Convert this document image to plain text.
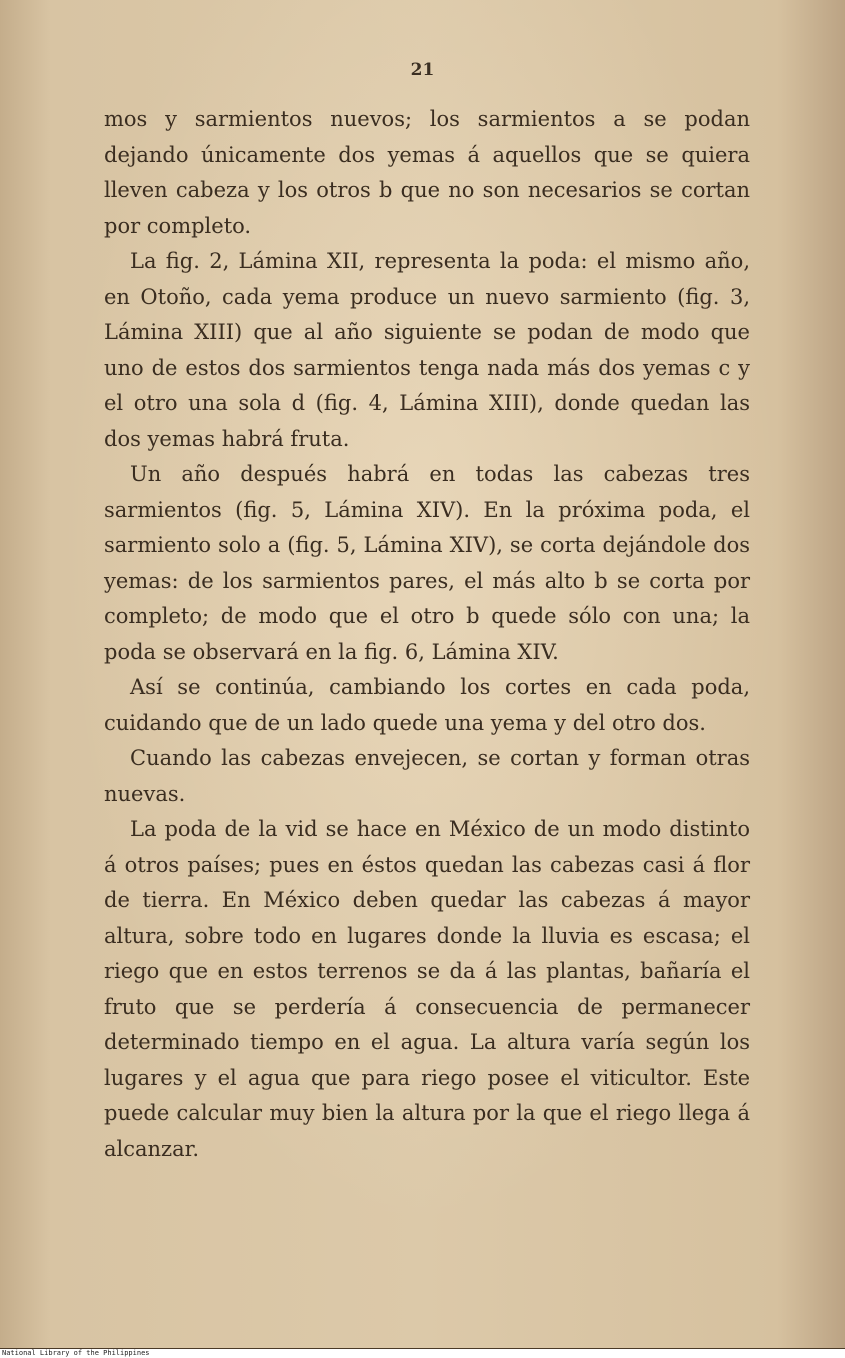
21

mos y sarmientos nuevos; los sarmientos a se podan dejando únicamente dos yemas á aquellos que se quiera lleven cabeza y los otros b que no son necesarios se cortan por completo.

La fig. 2, Lámina XII, representa la poda: el mismo año, en Otoño, cada yema produce un nuevo sarmiento (fig. 3, Lámina XIII) que al año siguiente se podan de modo que uno de estos dos sarmientos tenga nada más dos yemas c y el otro una sola d (fig. 4, Lámina XIII), donde quedan las dos yemas habrá fruta.

Un año después habrá en todas las cabezas tres sarmientos (fig. 5, Lámina XIV). En la próxima poda, el sarmiento solo a (fig. 5, Lámina XIV), se corta dejándole dos yemas: de los sarmientos pares, el más alto b se corta por completo; de modo que el otro b quede sólo con una; la poda se observará en la fig. 6, Lámina XIV.

Así se continúa, cambiando los cortes en cada poda, cuidando que de un lado quede una yema y del otro dos.

Cuando las cabezas envejecen, se cortan y forman otras nuevas.

La poda de la vid se hace en México de un modo distinto á otros países; pues en éstos quedan las cabezas casi á flor de tierra. En México deben quedar las cabezas á mayor altura, sobre todo en lugares donde la lluvia es escasa; el riego que en estos terrenos se da á las plantas, bañaría el fruto que se perdería á consecuencia de permanecer determinado tiempo en el agua. La altura varía según los lugares y el agua que para riego posee el viticultor. Este puede calcular muy bien la altura por la que el riego llega á alcanzar.

National Library of the Philippines
